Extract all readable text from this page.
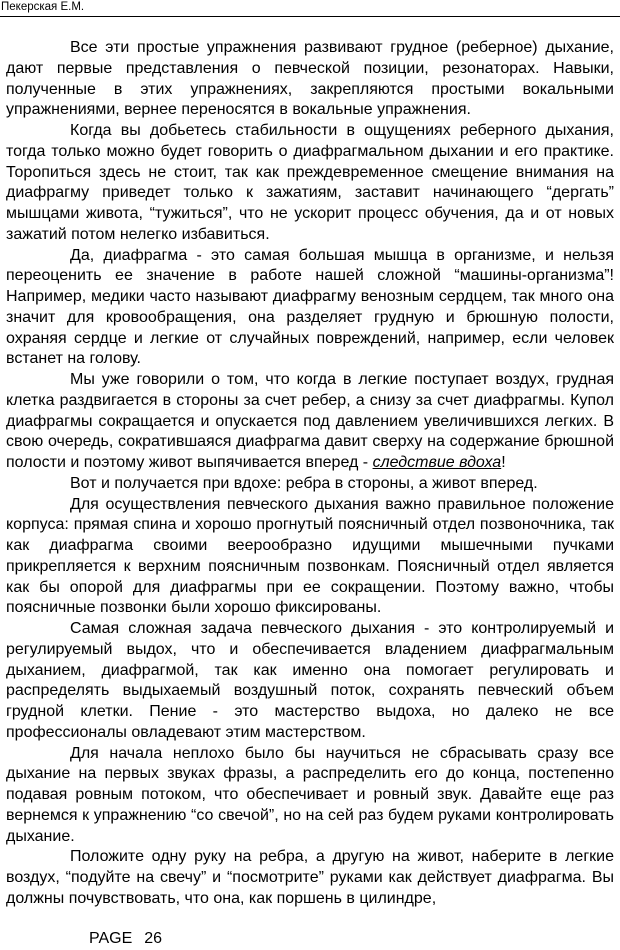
Пекерская Е.М.

Все эти простые упражнения развивают грудное (реберное) дыхание, дают первые представления о певческой позиции, резонаторах. Навыки, полученные в этих упражнениях, закрепляются простыми вокальными упражнениями, вернее переносятся в вокальные упражнения.

Когда вы добьетесь стабильности в ощущениях реберного дыхания, тогда только можно будет говорить о диафрагмальном дыхании и его практике. Торопиться здесь не стоит, так как преждевременное смещение внимания на диафрагму приведет только к зажатиям, заставит начинающего “дергать” мышцами живота, “тужиться”, что не ускорит процесс обучения, да и от новых зажатий потом нелегко избавиться.

Да, диафрагма - это самая большая мышца в организме, и нельзя переоценить ее значение в работе нашей сложной “машины-организма”! Например, медики часто называют диафрагму венозным сердцем, так много она значит для кровообращения, она разделяет грудную и брюшную полости, охраняя сердце и легкие от случайных повреждений, например, если человек встанет на голову.

Мы уже говорили о том, что когда в легкие поступает воздух, грудная клетка раздвигается в стороны за счет ребер, а снизу за счет диафрагмы. Купол диафрагмы сокращается и опускается под давлением увеличившихся легких. В свою очередь, сократившаяся диафрагма давит сверху на содержание брюшной полости и поэтому живот выпячивается вперед - следствие вдоха!

Вот и получается при вдохе: ребра в стороны, а живот вперед.

Для осуществления певческого дыхания важно правильное положение корпуса: прямая спина и хорошо прогнутый поясничный отдел позвоночника, так как диафрагма своими веерообразно идущими мышечными пучками прикрепляется к верхним поясничным позвонкам. Поясничный отдел является как бы опорой для диафрагмы при ее сокращении. Поэтому важно, чтобы поясничные позвонки были хорошо фиксированы.

Самая сложная задача певческого дыхания - это контролируемый и регулируемый выдох, что и обеспечивается владением диафрагмальным дыханием, диафрагмой, так как именно она помогает регулировать и распределять выдыхаемый воздушный поток, сохранять певческий объем грудной клетки. Пение - это мастерство выдоха, но далеко не все профессионалы овладевают этим мастерством.

Для начала неплохо было бы научиться не сбрасывать сразу все дыхание на первых звуках фразы, а распределить его до конца, постепенно подавая ровным потоком, что обеспечивает и ровный звук. Давайте еще раз вернемся к упражнению “со свечой”, но на сей раз будем руками контролировать дыхание.

Положите одну руку на ребра, а другую на живот, наберите в легкие воздух, “подуйте на свечу” и “посмотрите” руками как действует диафрагма. Вы должны почувствовать, что она, как поршень в цилиндре,

PAGE 26
